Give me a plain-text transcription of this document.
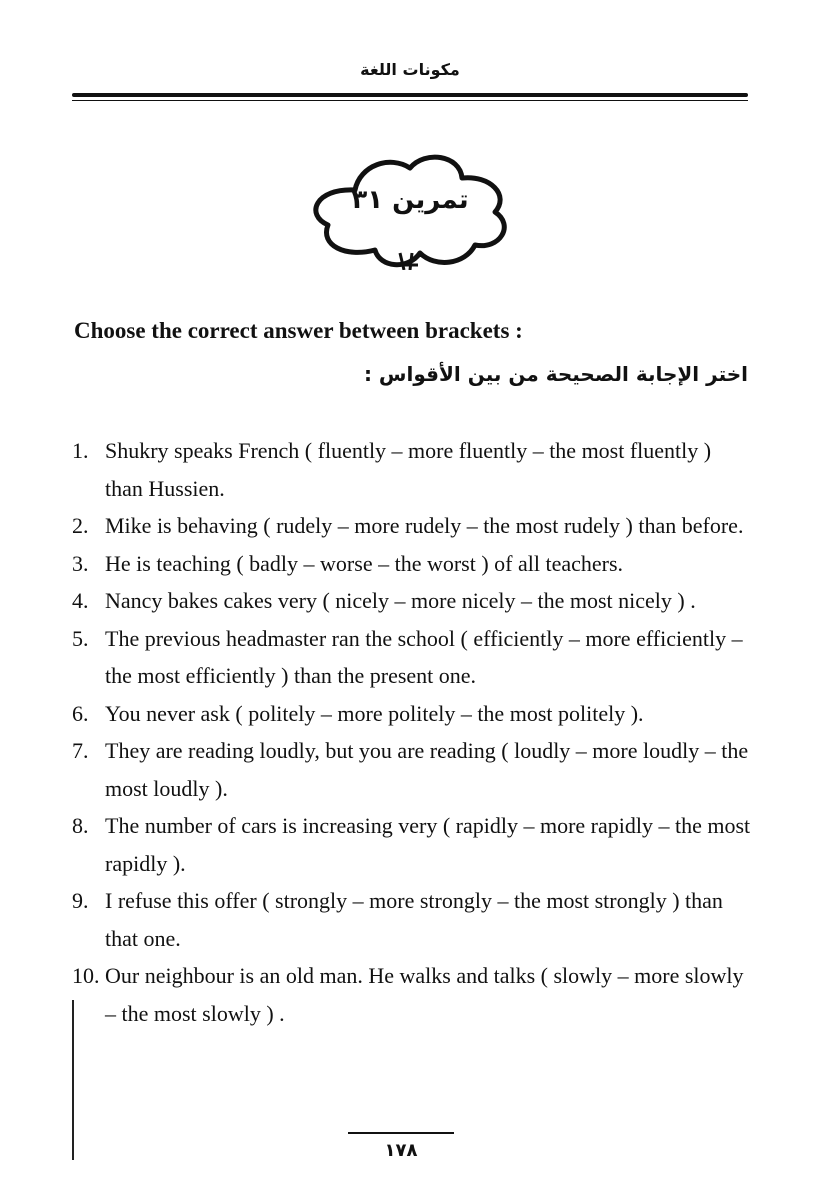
مكونات اللغة
تمرين ٣١
Choose the correct answer between brackets :
اختر الإجابة الصحيحة من بين الأقواس :
1. Shukry speaks French ( fluently – more fluently – the most fluently ) than Hussien.
2. Mike is behaving ( rudely – more rudely – the most rudely ) than before.
3. He is teaching ( badly – worse – the worst ) of all teachers.
4. Nancy bakes cakes very ( nicely – more nicely – the most nicely ) .
5. The previous headmaster ran the school ( efficiently – more efficiently – the most efficiently ) than the present one.
6. You never ask ( politely – more politely – the most politely ).
7. They are reading loudly, but you are reading ( loudly – more loudly – the most loudly ).
8. The number of cars is increasing very ( rapidly – more rapidly – the most rapidly ).
9. I refuse this offer ( strongly – more strongly – the most strongly ) than that one.
10. Our neighbour is an old man. He walks and talks ( slowly – more slowly – the most slowly ) .
١٧٨
